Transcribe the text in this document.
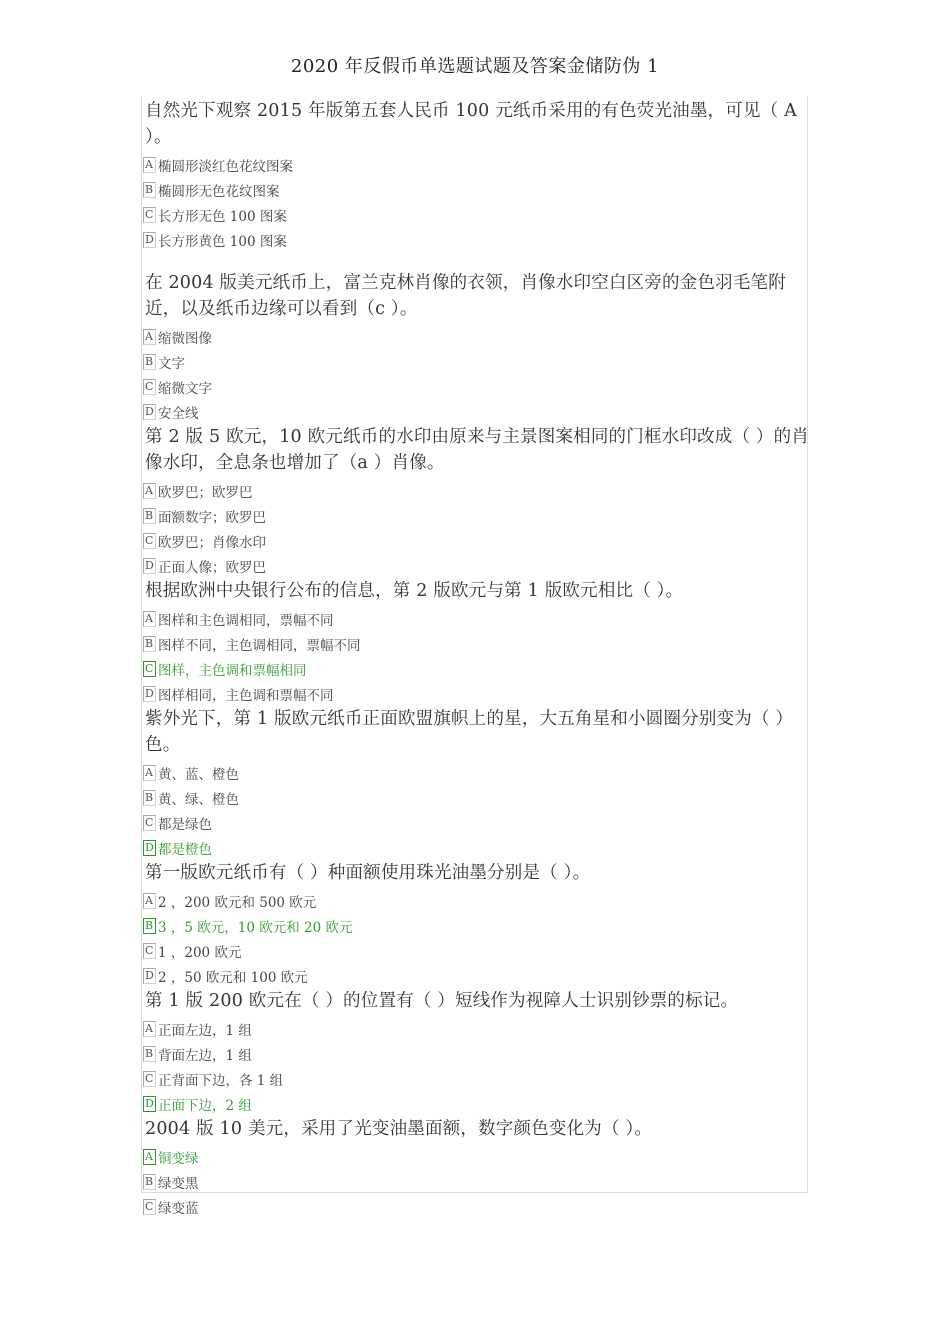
2020 年反假币单选题试题及答案金储防伪 1

自然光下观察 2015 年版第五套人民币 100 元纸币采用的有色荧光油墨，可见（ A ）。

A 椭圆形淡红色花纹图案
B 椭圆形无色花纹图案
C 长方形无色 100 图案
D 长方形黄色 100 图案

在 2004 版美元纸币上，富兰克林肖像的衣领，肖像水印空白区旁的金色羽毛笔附近，以及纸币边缘可以看到（c ）。

A 缩微图像
B 文字
C 缩微文字
D 安全线

第 2 版 5 欧元，10 欧元纸币的水印由原来与主景图案相同的门框水印改成（ ）的肖像水印，全息条也增加了（a ）肖像。

A 欧罗巴；欧罗巴
B 面额数字；欧罗巴
C 欧罗巴；肖像水印
D 正面人像；欧罗巴

根据欧洲中央银行公布的信息，第 2 版欧元与第 1 版欧元相比（ ）。

A 图样和主色调相同，票幅不同
B 图样不同，主色调相同，票幅不同
C 图样，主色调和票幅相同
D 图样相同，主色调和票幅不同

紫外光下，第 1 版欧元纸币正面欧盟旗帜上的星，大五角星和小圆圈分别变为（ ）色。

A 黄、蓝、橙色
B 黄、绿、橙色
C 都是绿色
D 都是橙色

第一版欧元纸币有（ ）种面额使用珠光油墨分别是（ ）。

A 2 ，200 欧元和 500 欧元
B 3 ，5 欧元，10 欧元和 20 欧元
C 1 ，200 欧元
D 2 ，50 欧元和 100 欧元

第 1 版 200 欧元在（ ）的位置有（ ）短线作为视障人士识别钞票的标记。

A 正面左边，1 组
B 背面左边，1 组
C 正背面下边，各 1 组
D 正面下边，2 组

2004 版 10 美元，采用了光变油墨面额，数字颜色变化为（ ）。

A 铜变绿
B 绿变黑
C 绿变蓝
